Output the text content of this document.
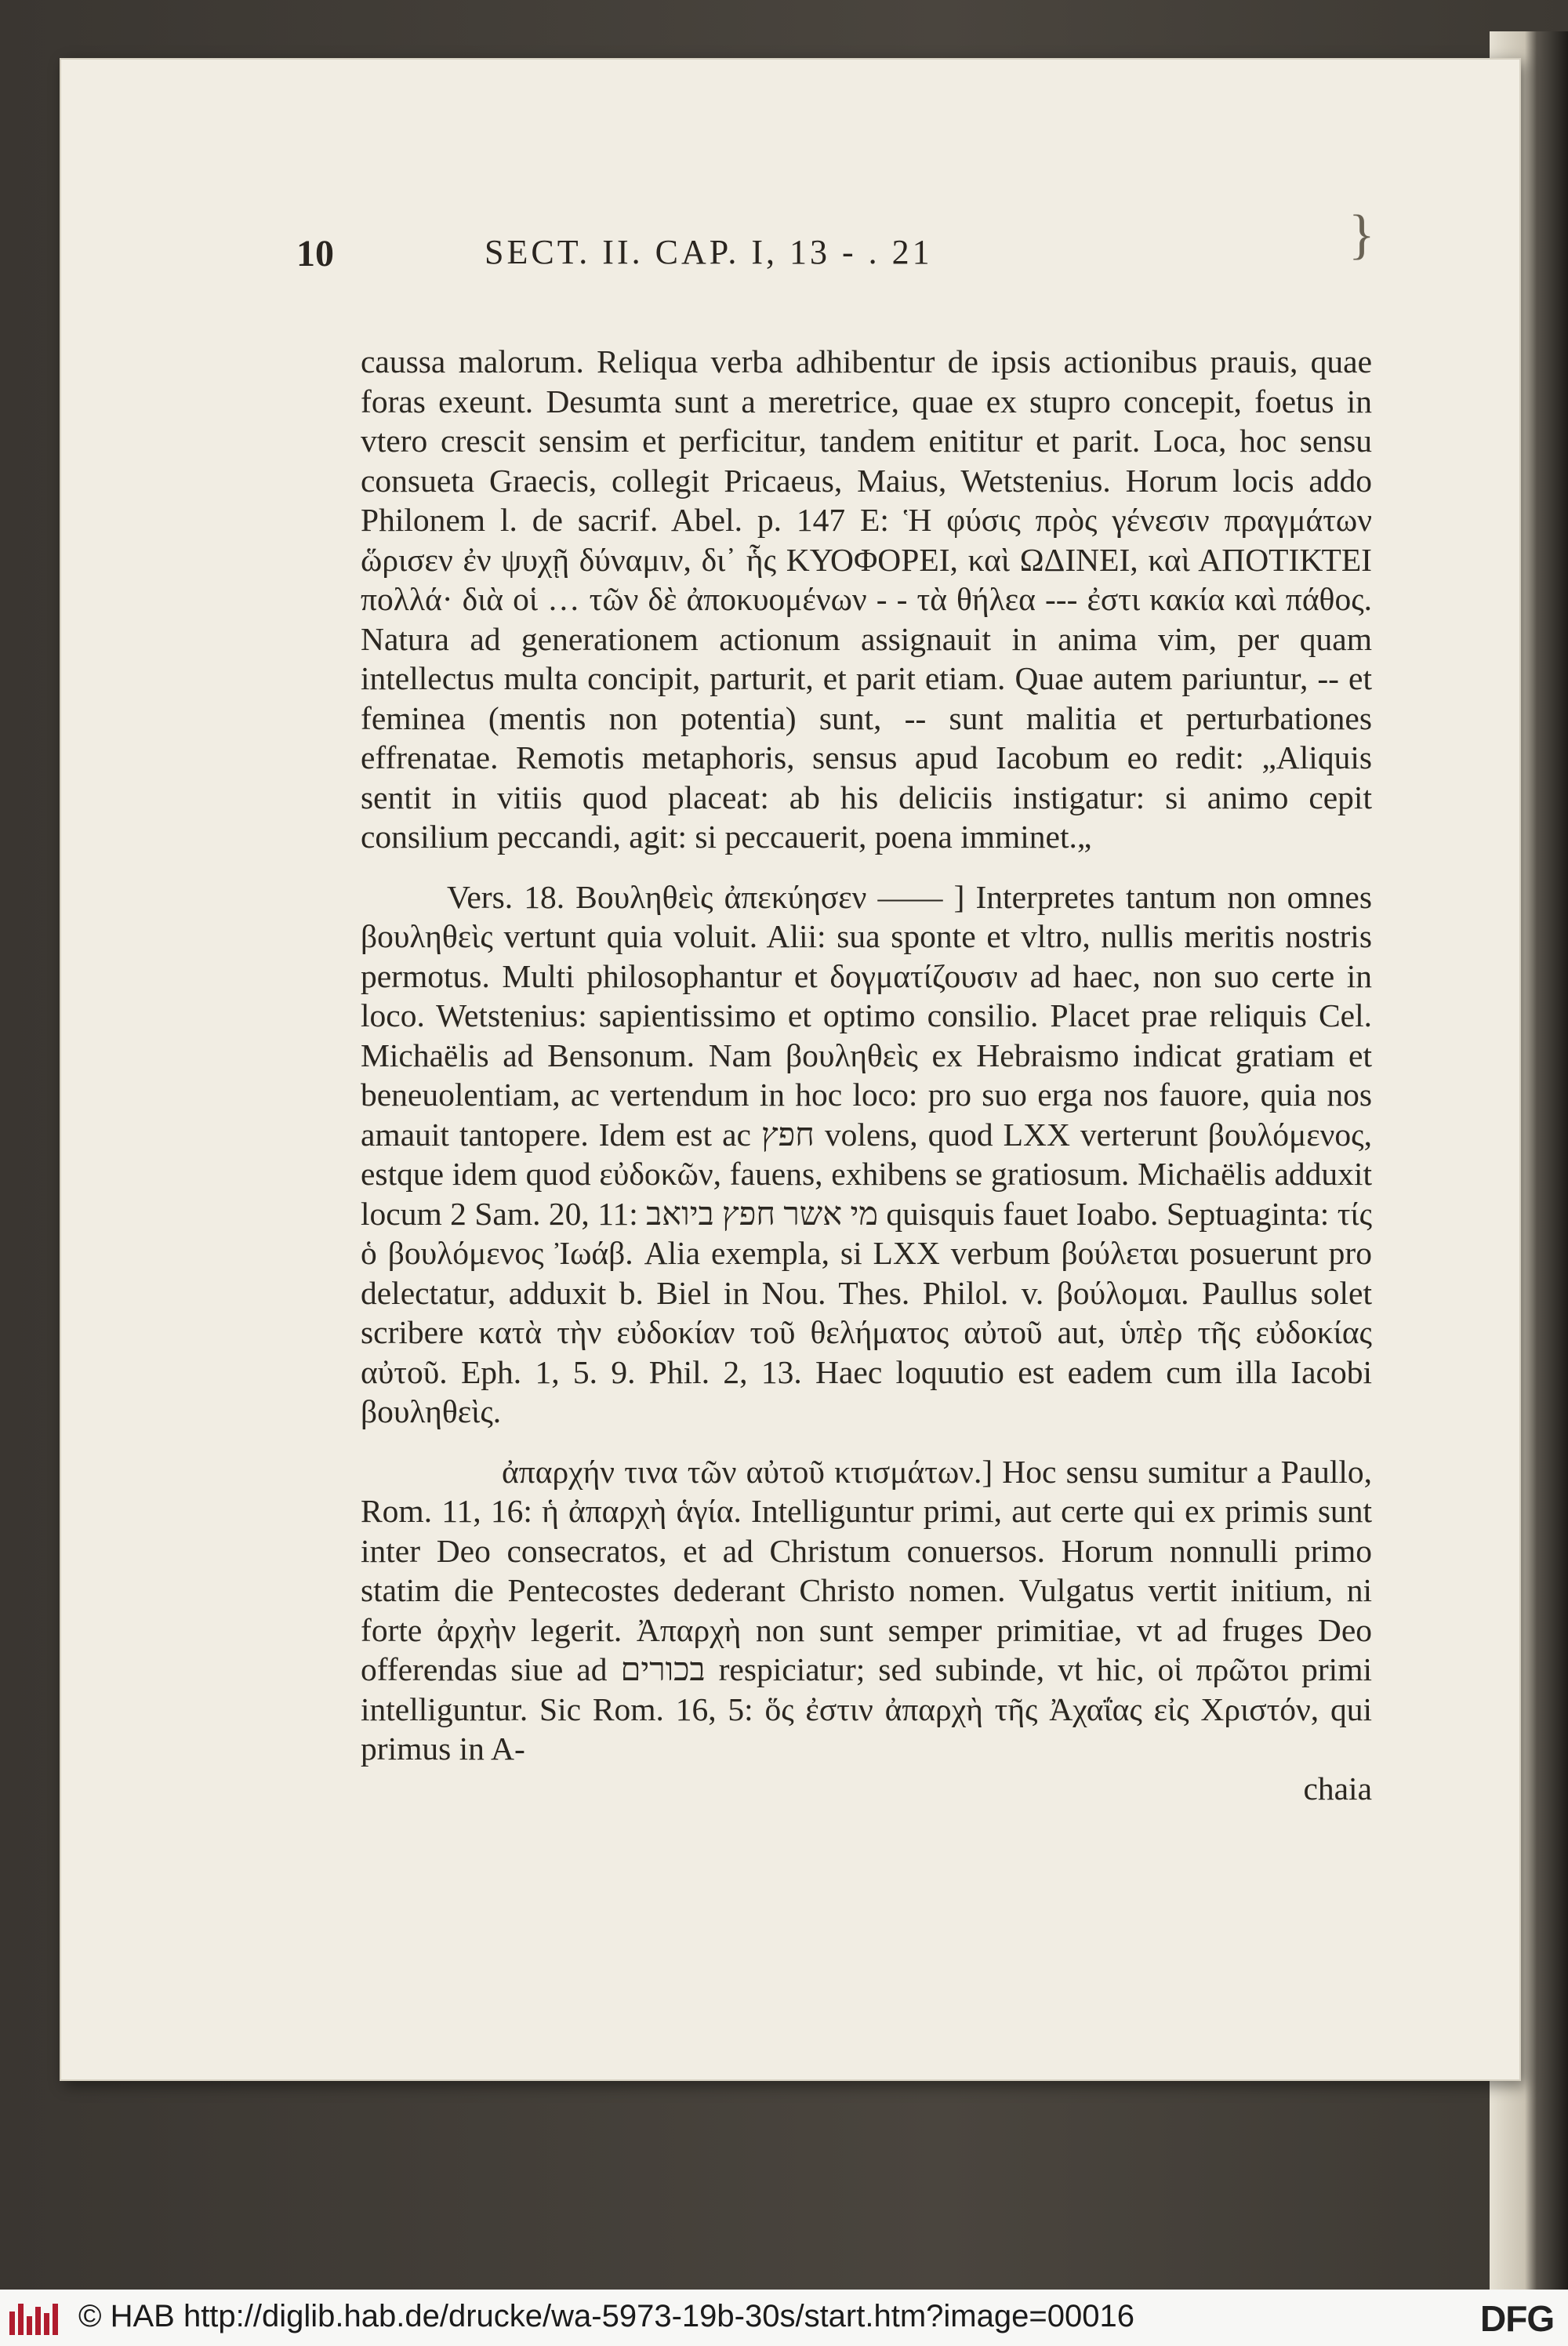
10	SECT. II. CAP. I, 13 - . 21	}

caussa malorum. Reliqua verba adhibentur de ipsis actionibus prauis, quae foras exeunt. Desumta sunt a meretrice, quae ex stupro concepit, foetus in vtero crescit sensim et perficitur, tandem enititur et parit. Loca, hoc sensu consueta Graecis, collegit Pricaeus, Maius, Wetstenius. Horum locis addo Philonem l. de sacrif. Abel. p. 147 E: Ἡ φύσις πρὸς γένεσιν πραγμάτων ὥρισεν ἐν ψυχῇ δύναμιν, δι᾽ ἧς ΚΥΟΦΟΡΕΙ, καὶ ΩΔΙΝΕΙ, καὶ ΑΠΟΤΙΚΤΕΙ πολλά· διὰ οἱ … τῶν δὲ ἀποκυομένων - - τὰ θήλεα --- ἐστι κακία καὶ πάθος. Natura ad generationem actionum assignauit in anima vim, per quam intellectus multa concipit, parturit, et parit etiam. Quae autem pariuntur, -- et feminea (mentis non potentia) sunt, -- sunt malitia et perturbationes effrenatae. Remotis metaphoris, sensus apud Iacobum eo redit: „Aliquis sentit in vitiis quod placeat: ab his deliciis instigatur: si animo cepit consilium peccandi, agit: si peccauerit, poena imminet.„

Vers. 18. Βουληθεὶς ἀπεκύησεν —— ] Interpretes tantum non omnes βουληθεὶς vertunt quia voluit. Alii: sua sponte et vltro, nullis meritis nostris permotus. Multi philosophantur et δογματίζουσιν ad haec, non suo certe in loco. Wetstenius: sapientissimo et optimo consilio. Placet prae reliquis Cel. Michaëlis ad Bensonum. Nam βουληθεὶς ex Hebraismo indicat gratiam et beneuolentiam, ac vertendum in hoc loco: pro suo erga nos fauore, quia nos amauit tantopere. Idem est ac חפץ volens, quod LXX verterunt βουλόμενος, estque idem quod εὐδοκῶν, fauens, exhibens se gratiosum. Michaëlis adduxit locum 2 Sam. 20, 11: מי אשר חפץ ביואב quisquis fauet Ioabo. Septuaginta: τίς ὁ βουλόμενος Ἰωάβ. Alia exempla, si LXX verbum βούλεται posuerunt pro delectatur, adduxit b. Biel in Nou. Thes. Philol. v. βούλομαι. Paullus solet scribere κατὰ τὴν εὐδοκίαν τοῦ θελήματος αὐτοῦ aut, ὑπὲρ τῆς εὐδοκίας αὐτοῦ. Eph. 1, 5. 9. Phil. 2, 13. Haec loquutio est eadem cum illa Iacobi βουληθεὶς.

ἀπαρχήν τινα τῶν αὐτοῦ κτισμάτων.] Hoc sensu sumitur a Paullo, Rom. 11, 16: ἡ ἀπαρχὴ ἁγία. Intelliguntur primi, aut certe qui ex primis sunt inter Deo consecratos, et ad Christum conuersos. Horum nonnulli primo statim die Pentecostes dederant Christo nomen. Vulgatus vertit initium, ni forte ἀρχὴν legerit. Ἀπαρχὴ non sunt semper primitiae, vt ad fruges Deo offerendas siue ad בכורים respiciatur; sed subinde, vt hic, οἱ πρῶτοι primi intelliguntur. Sic Rom. 16, 5: ὅς ἐστιν ἀπαρχὴ τῆς Ἀχαΐας εἰς Χριστόν, qui primus in A-

chaia

© HAB http://diglib.hab.de/drucke/wa-5973-19b-30s/start.htm?image=00016	DFG
